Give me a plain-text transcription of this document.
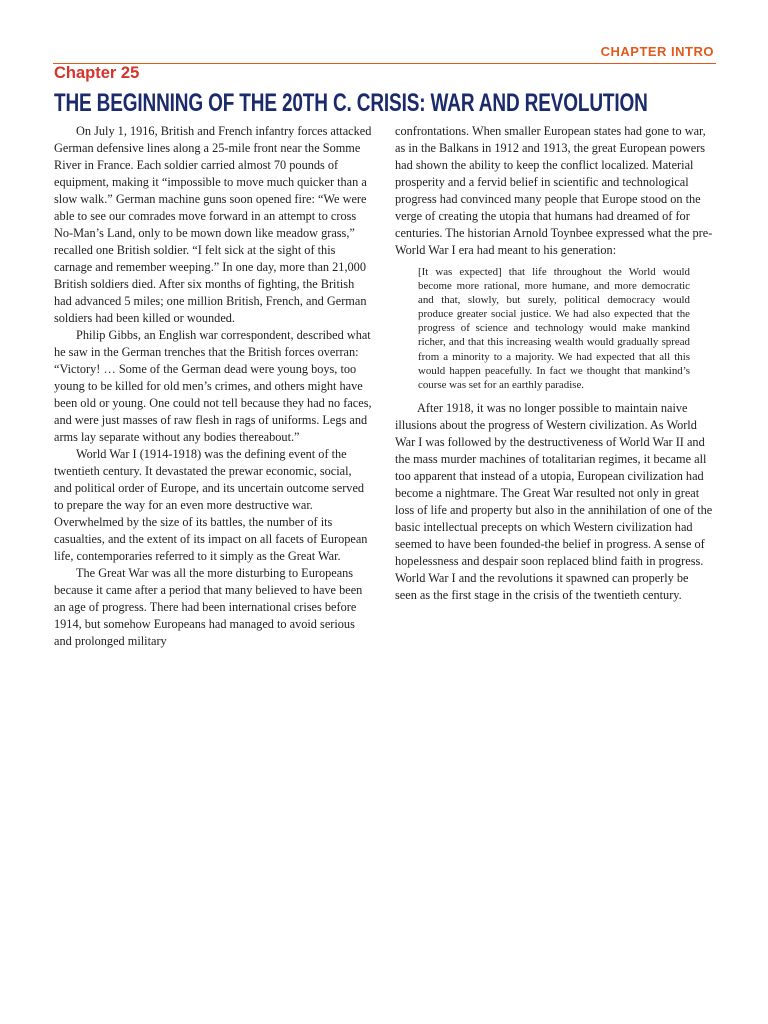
CHAPTER INTRO
Chapter 25
THE BEGINNING OF THE 20TH C. CRISIS: WAR AND REVOLUTION

On July 1, 1916, British and French infantry forces attacked German defensive lines along a 25-mile front near the Somme River in France. Each soldier carried almost 70 pounds of equipment, making it “impossible to move much quicker than a slow walk.” German machine guns soon opened fire: “We were able to see our comrades move forward in an attempt to cross No-Man’s Land, only to be mown down like meadow grass,” recalled one British soldier. “I felt sick at the sight of this carnage and remember weeping.” In one day, more than 21,000 British soldiers died. After six months of fighting, the British had advanced 5 miles; one million British, French, and German soldiers had been killed or wounded.

Philip Gibbs, an English war correspondent, described what he saw in the German trenches that the British forces overran: “Victory! … Some of the German dead were young boys, too young to be killed for old men’s crimes, and others might have been old or young. One could not tell because they had no faces, and were just masses of raw flesh in rags of uniforms. Legs and arms lay separate without any bodies thereabout.”

World War I (1914-1918) was the defining event of the twentieth century. It devastated the prewar economic, social, and political order of Europe, and its uncertain outcome served to prepare the way for an even more destructive war. Overwhelmed by the size of its battles, the number of its casualties, and the extent of its impact on all facets of European life, contemporaries referred to it simply as the Great War.

The Great War was all the more disturbing to Europeans because it came after a period that many believed to have been an age of progress. There had been international crises before 1914, but somehow Europeans had managed to avoid serious and prolonged military

confrontations. When smaller European states had gone to war, as in the Balkans in 1912 and 1913, the great European powers had shown the ability to keep the conflict localized. Material prosperity and a fervid belief in scientific and technological progress had convinced many people that Europe stood on the verge of creating the utopia that humans had dreamed of for centuries. The historian Arnold Toynbee expressed what the pre-World War I era had meant to his generation:

[It was expected] that life throughout the World would become more rational, more humane, and more democratic and that, slowly, but surely, political democracy would produce greater social justice. We had also expected that the progress of science and technology would make mankind richer, and that this increasing wealth would gradually spread from a minority to a majority. We had expected that all this would happen peacefully. In fact we thought that mankind’s course was set for an earthly paradise.

After 1918, it was no longer possible to maintain naive illusions about the progress of Western civilization. As World War I was followed by the destructiveness of World War II and the mass murder machines of totalitarian regimes, it became all too apparent that instead of a utopia, European civilization had become a nightmare. The Great War resulted not only in great loss of life and property but also in the annihilation of one of the basic intellectual precepts on which Western civilization had seemed to have been founded-the belief in progress. A sense of hopelessness and despair soon replaced blind faith in progress. World War I and the revolutions it spawned can properly be seen as the first stage in the crisis of the twentieth century.
